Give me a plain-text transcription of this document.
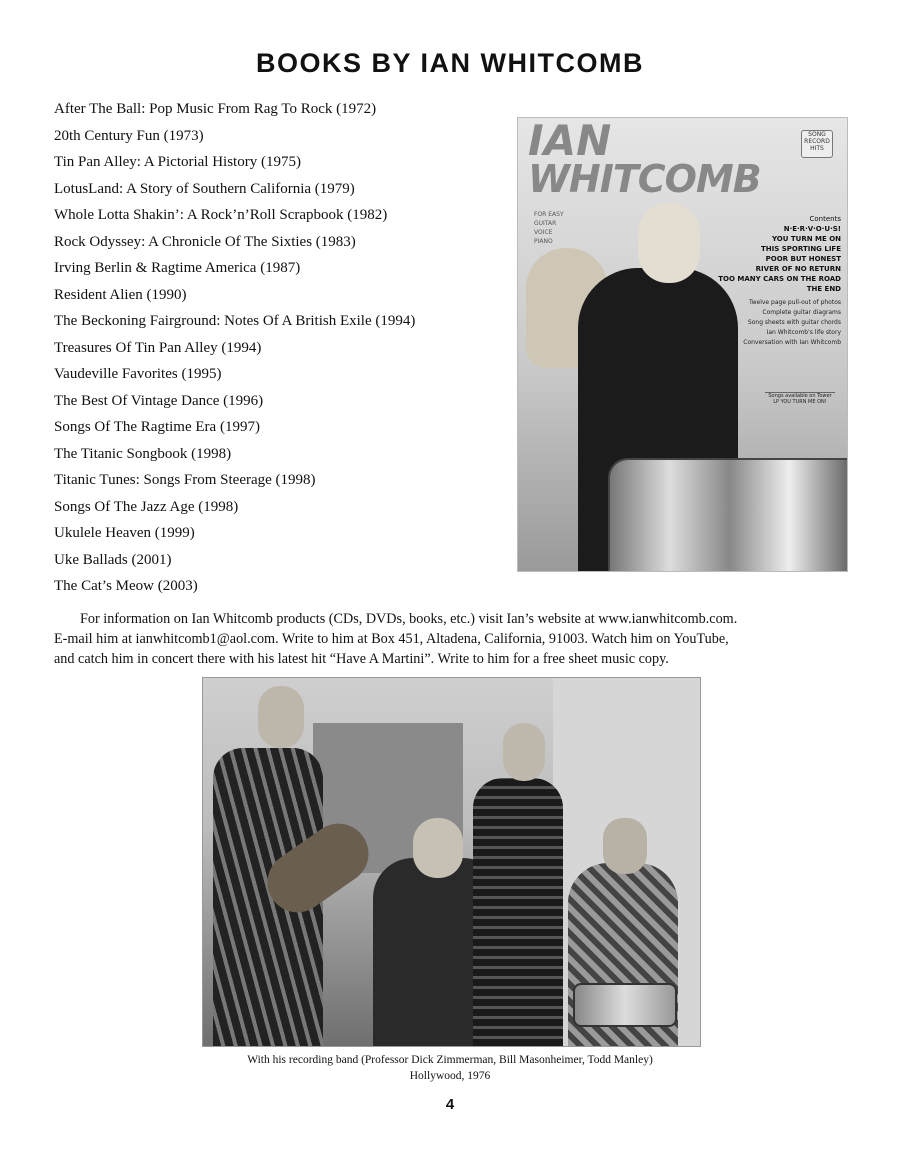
BOOKS BY IAN WHITCOMB
After The Ball: Pop Music From Rag To Rock (1972)
20th Century Fun (1973)
Tin Pan Alley: A Pictorial History (1975)
LotusLand: A Story of Southern California (1979)
Whole Lotta Shakin’: A Rock’n’Roll Scrapbook (1982)
Rock Odyssey: A Chronicle Of The Sixties (1983)
Irving Berlin & Ragtime America (1987)
Resident Alien (1990)
The Beckoning Fairground: Notes Of A British Exile (1994)
Treasures Of Tin Pan Alley (1994)
Vaudeville Favorites (1995)
The Best Of Vintage Dance (1996)
Songs Of The Ragtime Era (1997)
The Titanic Songbook (1998)
Titanic Tunes: Songs From Steerage (1998)
Songs Of The Jazz Age (1998)
Ukulele Heaven (1999)
Uke Ballads (2001)
The Cat’s Meow (2003)
IAN
WHITCOMB
SONG RECORD HITS
FOR EASY
GUITAR
VOICE
PIANO
Contents
N·E·R·V·O·U·S!
YOU TURN ME ON
THIS SPORTING LIFE
POOR BUT HONEST
RIVER OF NO RETURN
TOO MANY CARS ON THE ROAD
THE END
Twelve page pull-out of photos
Complete guitar diagrams
Song sheets with guitar chords
Ian Whitcomb's life story
Conversation with Ian Whitcomb
Songs available on Tower LP YOU TURN ME ON!

For information on Ian Whitcomb products (CDs, DVDs, books, etc.) visit Ian’s website at www.ianwhitcomb.com.
E-mail him at ianwhitcomb1@aol.com. Write to him at Box 451, Altadena, California, 91003. Watch him on YouTube,
and catch him in concert there with his latest hit “Have A Martini”. Write to him for a free sheet music copy.

With his recording band (Professor Dick Zimmerman, Bill Masonheimer, Todd Manley)
Hollywood, 1976

4
